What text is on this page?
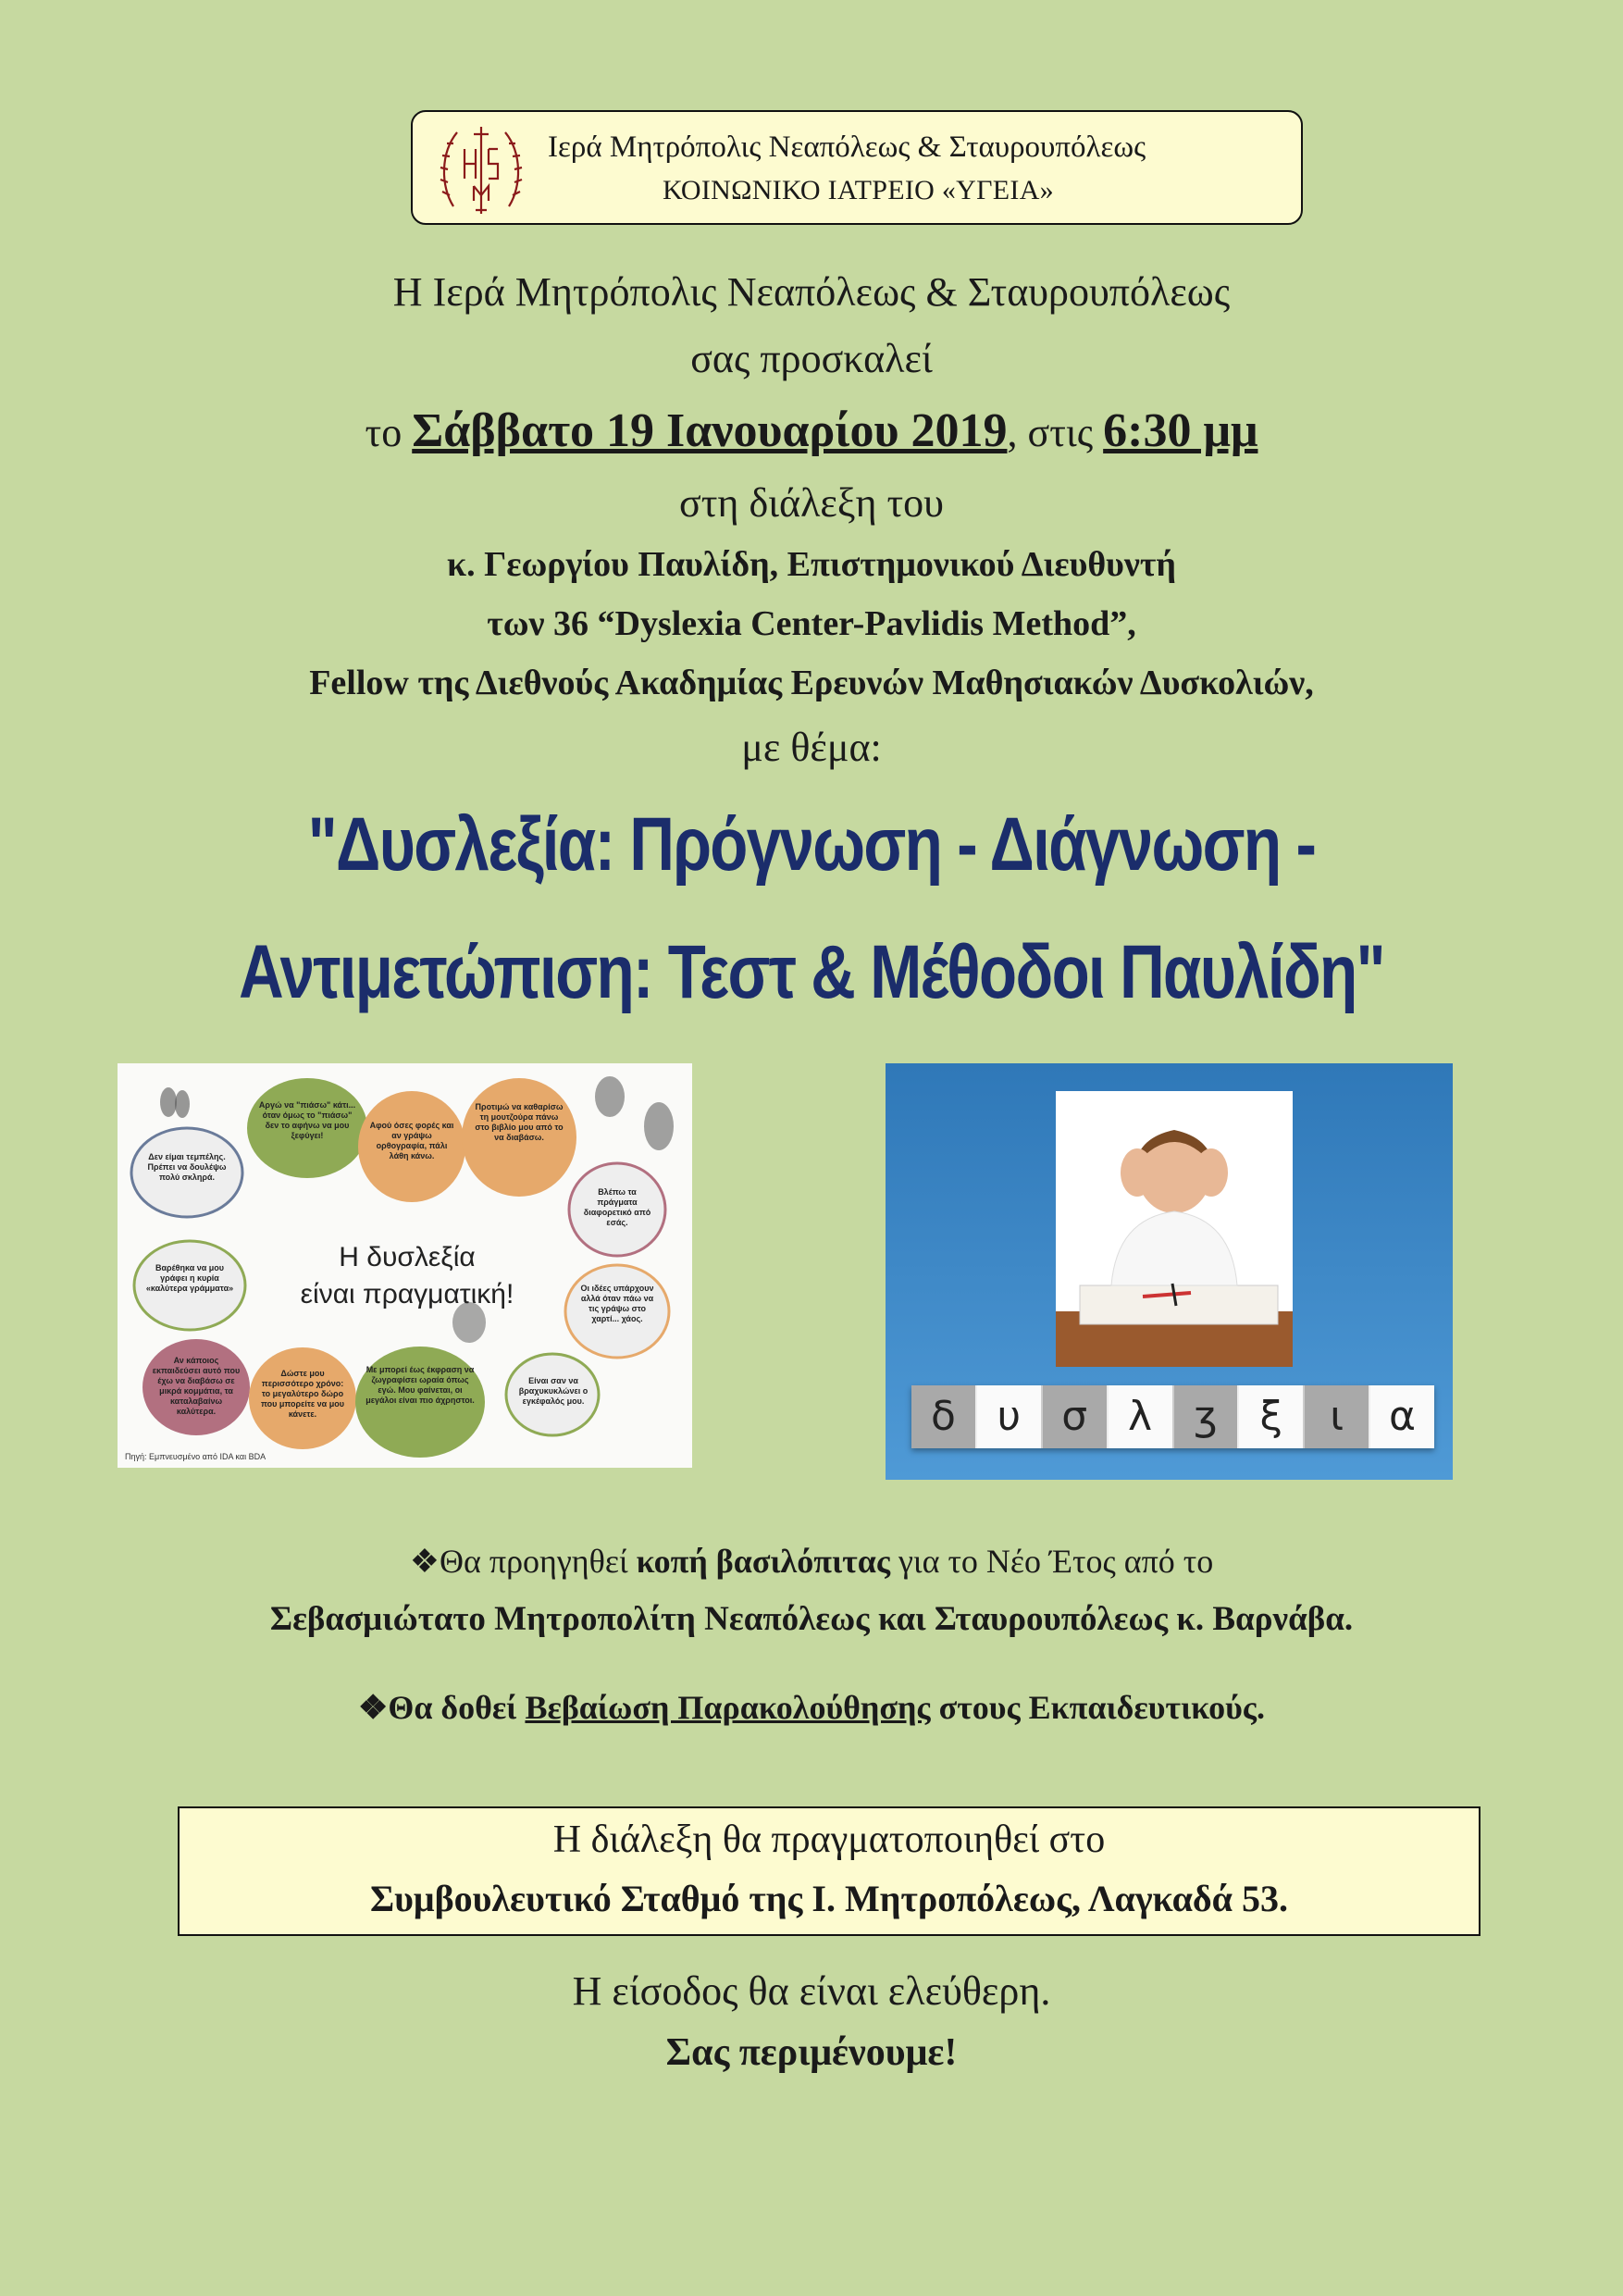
Ιερά Μητρόπολις Νεαπόλεως & Σταυρουπόλεως
ΚΟΙΝΩΝΙΚΟ ΙΑΤΡΕΙΟ «ΥΓΕΙΑ»
Η Ιερά Μητρόπολις Νεαπόλεως & Σταυρουπόλεως
σας προσκαλεί
το Σάββατο 19 Ιανουαρίου 2019, στις 6:30 μμ
στη διάλεξη του
κ. Γεωργίου Παυλίδη, Επιστημονικού Διευθυντή
των 36 “Dyslexia Center-Pavlidis Method”,
Fellow της Διεθνούς Ακαδημίας Ερευνών Μαθησιακών Δυσκολιών,
με θέμα:
"Δυσλεξία: Πρόγνωση - Διάγνωση -
Αντιμετώπιση: Τεστ & Μέθοδοι Παυλίδη"
Η δυσλεξία
είναι πραγματική!
Δεν είμαι τεμπέλης. Πρέπει να δουλέψω πολύ σκληρά.
Αργώ να "πιάσω" κάτι... όταν όμως το "πιάσω" δεν το αφήνω να μου ξεφύγει!
Αφού όσες φορές και αν γράψω ορθογραφία, πάλι λάθη κάνω.
Προτιμώ να καθαρίσω τη μουτζούρα πάνω στο βιβλίο μου από το να διαβάσω.
Βλέπω τα πράγματα διαφορετικό από εσάς.
Βαρέθηκα να μου γράφει η κυρία «καλύτερα γράμματα»	Οι ιδέες υπάρχουν αλλά όταν πάω να τις γράψω στο χαρτί... χάος.
Αν κάποιος εκπαιδεύσει αυτό που έχω να διαβάσω σε μικρά κομμάτια, τα καταλαβαίνω καλύτερα.
Δώστε μου περισσότερο χρόνο: το μεγαλύτερο δώρο που μπορείτε να μου κάνετε.
Με μπορεί έως έκφραση να ζωγραφίσει ωραία όπως εγώ. Μου φαίνεται, οι μεγάλοι είναι πιο άχρηστοι.
Είναι σαν να βραχυκυκλώνει ο εγκέφαλός μου.
Πηγή: Εμπνευσμένο από IDA και BDA
δ	υ	σ λ	ʒ	ξ	ι	α
❖Θα προηγηθεί κοπή βασιλόπιτας για το Νέο Έτος από το
Σεβασμιώτατο Μητροπολίτη Νεαπόλεως και Σταυρουπόλεως κ. Βαρνάβα.
❖Θα δοθεί Βεβαίωση Παρακολούθησης στους Εκπαιδευτικούς.
Η διάλεξη θα πραγματοποιηθεί στο
Συμβουλευτικό Σταθμό της Ι. Μητροπόλεως, Λαγκαδά 53.
Η είσοδος θα είναι ελεύθερη.
Σας περιμένουμε!
